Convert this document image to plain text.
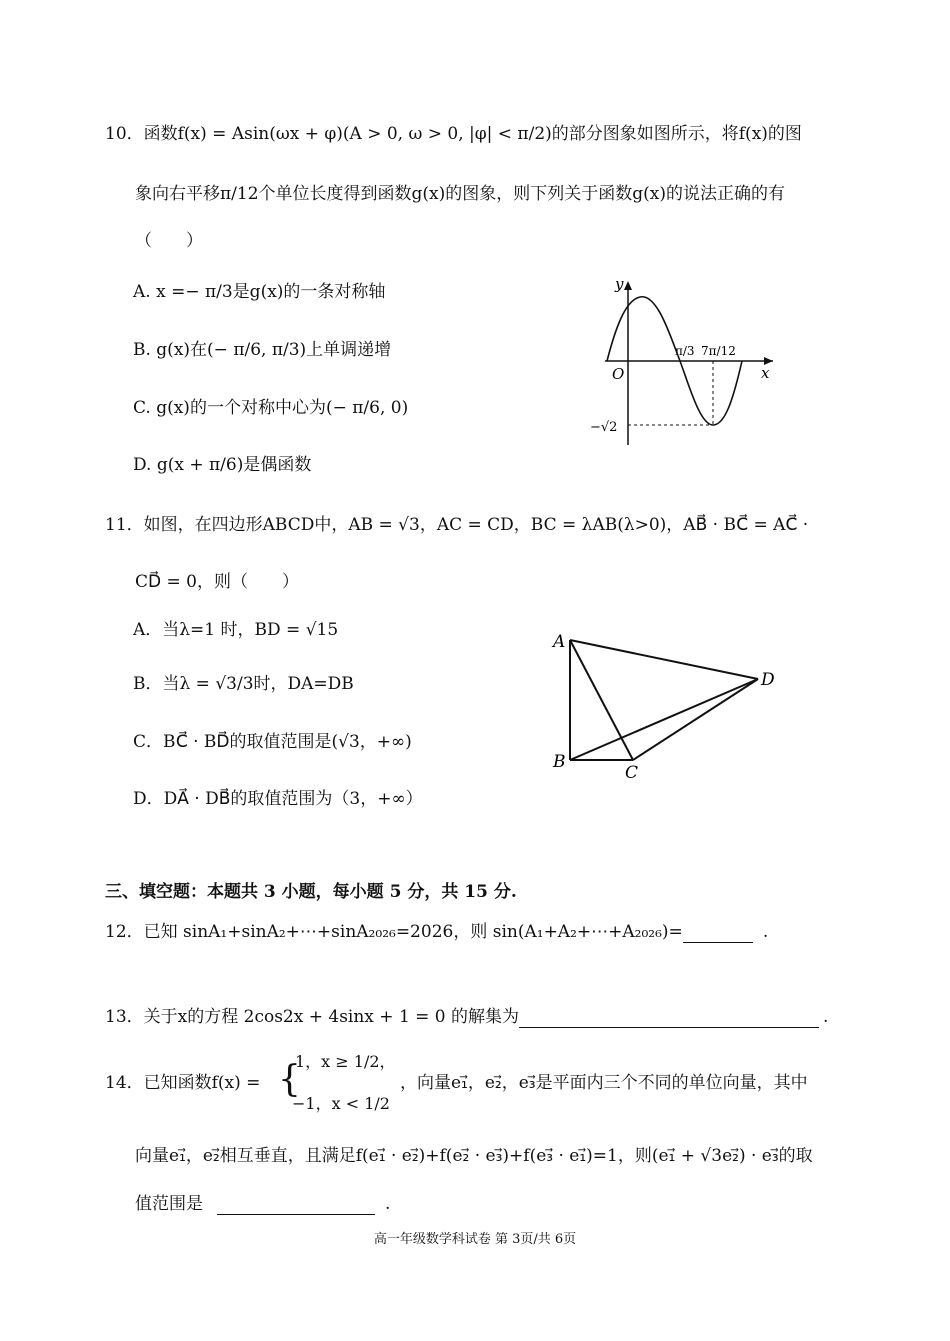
10．函数f(x) = Asin(ωx + φ)(A > 0, ω > 0, |φ| < π/2)的部分图象如图所示，将f(x)的图
象向右平移π/12个单位长度得到函数g(x)的图象，则下列关于函数g(x)的说法正确的有
（　　）
A. x =− π/3是g(x)的一条对称轴
B. g(x)在(− π/6, π/3)上单调递增
C. g(x)的一个对称中心为(− π/6, 0)
D. g(x + π/6)是偶函数
y
x
O
π/3 7π/12
−√2
11．如图，在四边形ABCD中，AB = √3，AC = CD，BC = λAB(λ>0)，AB⃗ · BC⃗ = AC⃗ ·
CD⃗ = 0，则（　　）
A．当λ=1 时，BD = √15
B．当λ = √3/3时，DA=DB
C．BC⃗ · BD⃗的取值范围是(√3，+∞)
D．DA⃗ · DB⃗的取值范围为（3，+∞）
A
B
C
D
三、填空题：本题共 3 小题，每小题 5 分，共 15 分.
12．已知 sinA₁+sinA₂+⋯+sinA₂₀₂₆=2026，则 sin(A₁+A₂+⋯+A₂₀₂₆)=	.
13．关于x的方程 2cos2x + 4sinx + 1 = 0 的解集为	.
14．已知函数f(x) = {
1，x ≥ 1/2，
−1，x < 1/2
，向量e₁⃗，e₂⃗，e₃⃗是平面内三个不同的单位向量，其中
向量e₁⃗，e₂⃗相互垂直，且满足f(e₁⃗ · e₂⃗)+f(e₂⃗ · e₃⃗)+f(e₃⃗ · e₁⃗)=1，则(e₁⃗ + √3e₂⃗) · e₃⃗的取
值范围是	.
高一年级数学科试卷 第 3页/共 6页
